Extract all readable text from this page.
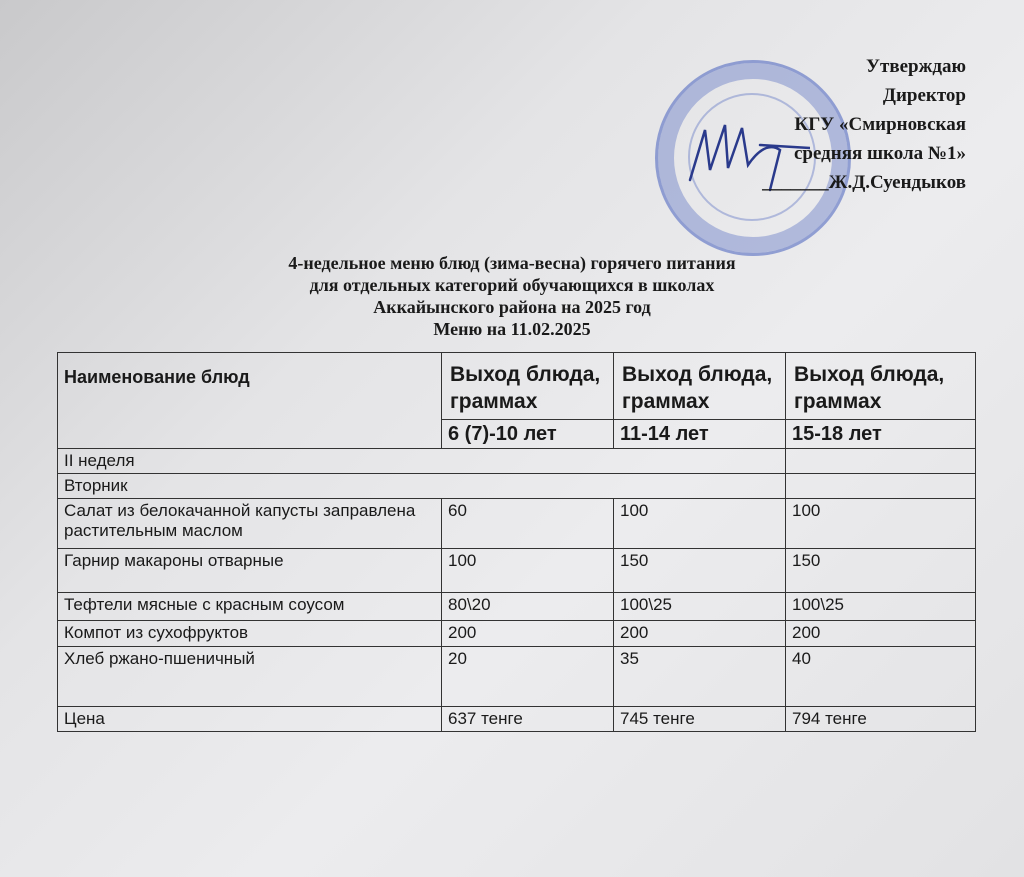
Утверждаю
Директор
КГУ «Смирновская
средняя школа №1»
_______Ж.Д.Суендыков
4-недельное меню блюд (зима-весна) горячего питания
для отдельных категорий обучающихся в школах
Аккайынского района на 2025 год
Меню на 11.02.2025
Наименование блюд	Выход блюда, граммах	Выход блюда, граммах	Выход блюда, граммах
	6 (7)-10 лет	11-14 лет	15-18 лет
II неделя			
Вторник			
Салат из белокачанной капусты заправлена растительным маслом	60	100	100
Гарнир макароны отварные	100	150	150
Тефтели мясные с красным соусом	80\20	100\25	100\25
Компот из сухофруктов	200	200	200
Хлеб ржано-пшеничный	20	35	40
Цена	637 тенге	745 тенге	794 тенге
